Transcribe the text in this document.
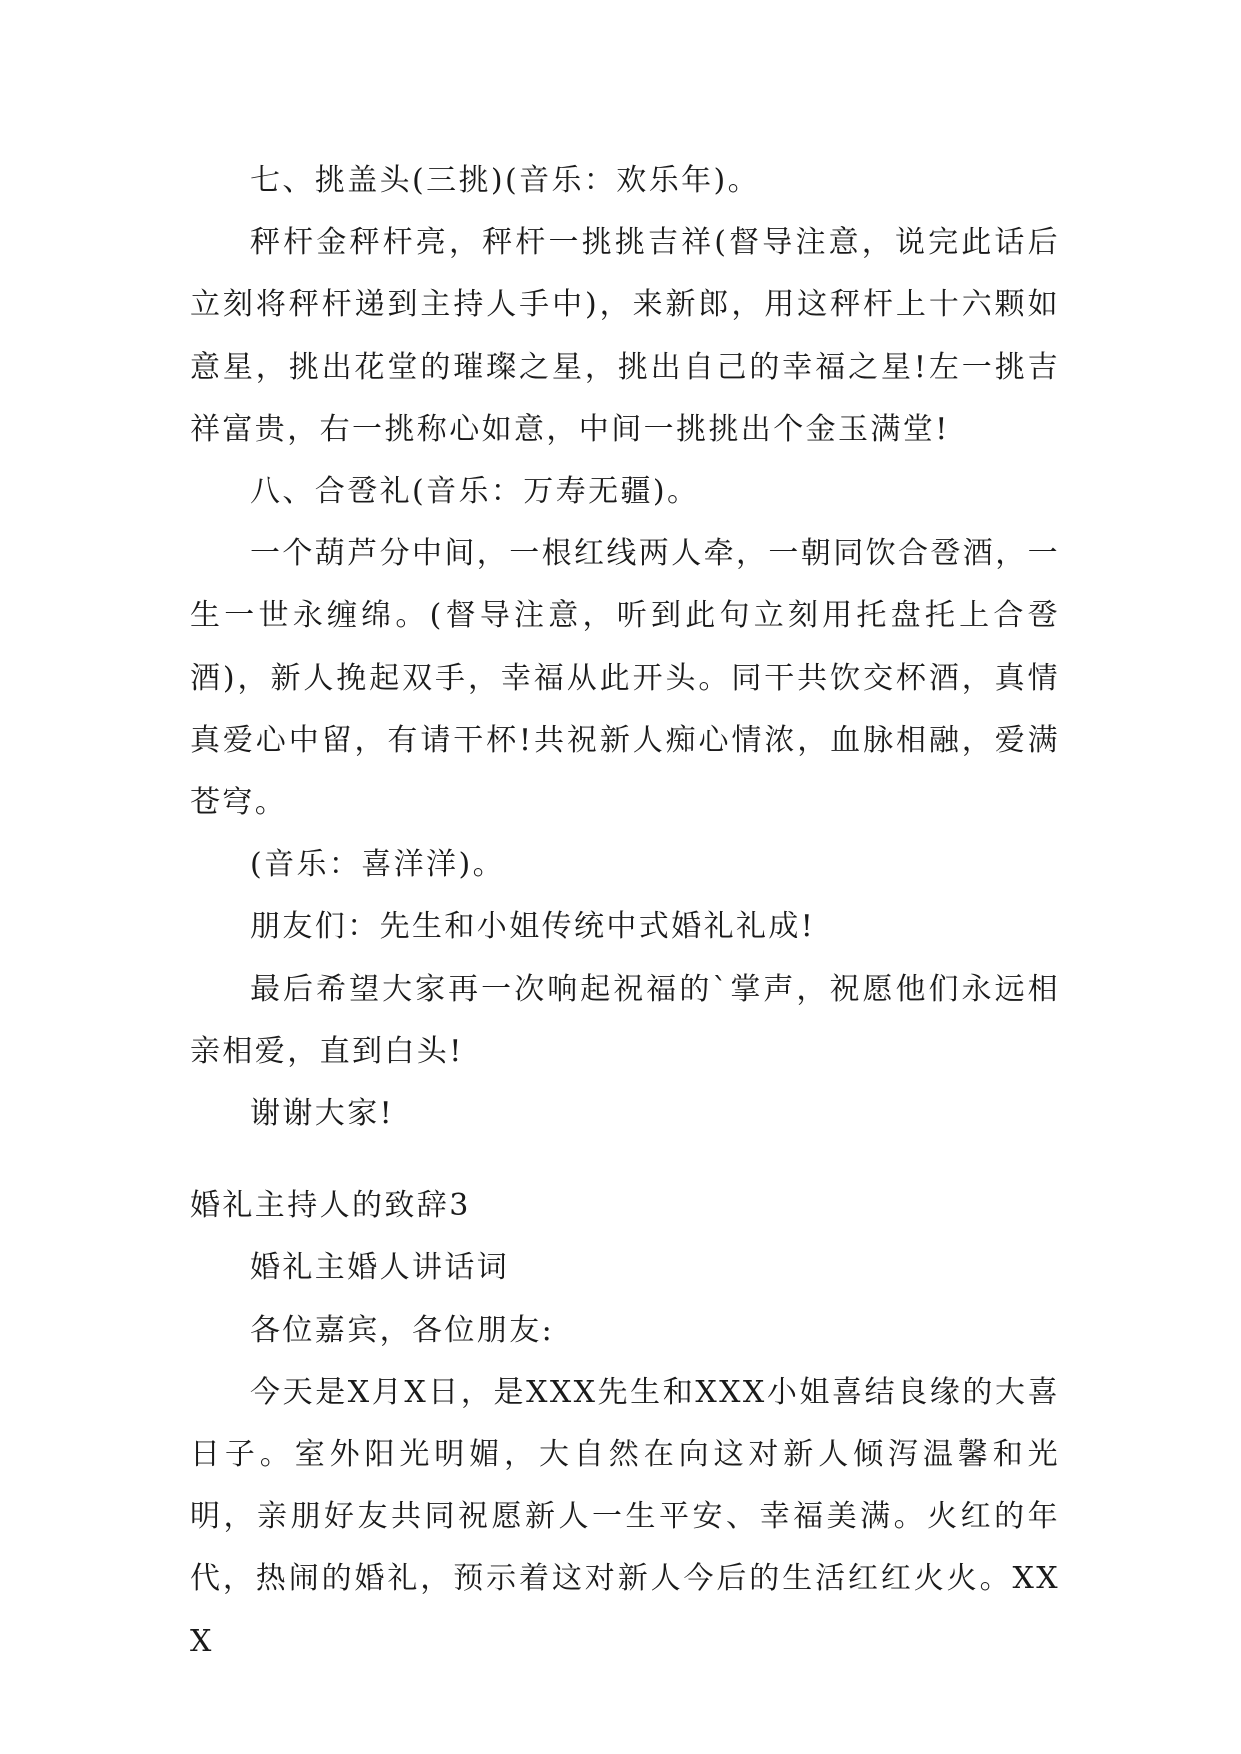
七、挑盖头(三挑)(音乐：欢乐年)。

秤杆金秤杆亮，秤杆一挑挑吉祥(督导注意，说完此话后立刻将秤杆递到主持人手中)，来新郎，用这秤杆上十六颗如意星，挑出花堂的璀璨之星，挑出自己的幸福之星!左一挑吉祥富贵，右一挑称心如意，中间一挑挑出个金玉满堂!

八、合卺礼(音乐：万寿无疆)。

一个葫芦分中间，一根红线两人牵，一朝同饮合卺酒，一生一世永缠绵。(督导注意，听到此句立刻用托盘托上合卺酒)，新人挽起双手，幸福从此开头。同干共饮交杯酒，真情真爱心中留，有请干杯!共祝新人痴心情浓，血脉相融，爱满苍穹。

(音乐：喜洋洋)。

朋友们：先生和小姐传统中式婚礼礼成!

最后希望大家再一次响起祝福的`掌声，祝愿他们永远相亲相爱，直到白头!

谢谢大家!

婚礼主持人的致辞3

婚礼主婚人讲话词

各位嘉宾，各位朋友:

今天是X月X日，是XXX先生和XXX小姐喜结良缘的大喜日子。室外阳光明媚，大自然在向这对新人倾泻温馨和光明，亲朋好友共同祝愿新人一生平安、幸福美满。火红的年代，热闹的婚礼，预示着这对新人今后的生活红红火火。XXX
